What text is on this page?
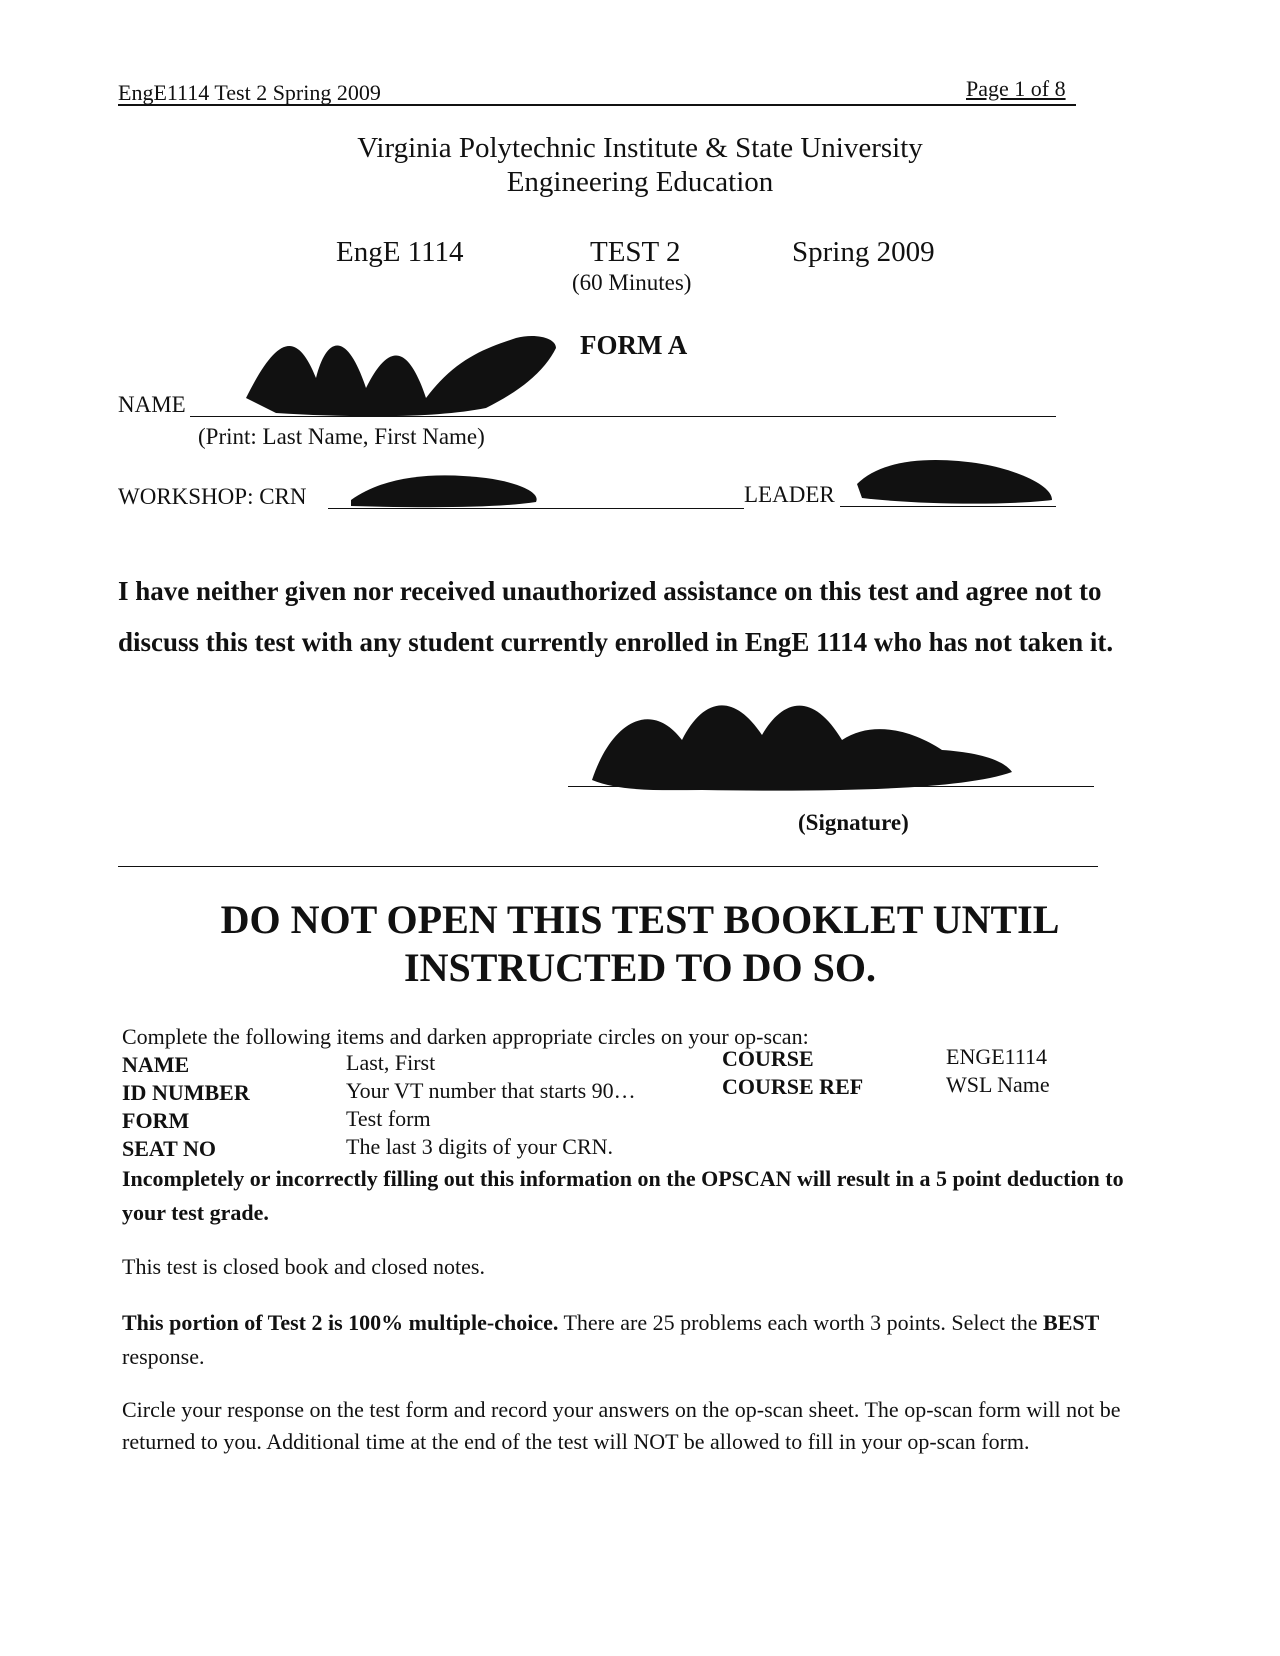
EngE1114 Test 2 Spring 2009	Page 1 of 8
Virginia Polytechnic Institute & State University
Engineering Education
EngE 1114	TEST 2
(60 Minutes)
Spring 2009
FORM A
NAME
(Print: Last Name, First Name)
WORKSHOP: CRN	LEADER
I have neither given nor received unauthorized assistance on this test and agree not to discuss this test with any student currently enrolled in EngE 1114 who has not taken it.
(Signature)
DO NOT OPEN THIS TEST BOOKLET UNTIL
INSTRUCTED TO DO SO.
Complete the following items and darken appropriate circles on your op-scan:
NAME	Last, First
ID NUMBER	Your VT number that starts 90…
FORM	Test form
SEAT NO	The last 3 digits of your CRN.
COURSE	ENGE1114
COURSE REF	WSL Name
Incompletely or incorrectly filling out this information on the OPSCAN will result in a 5 point deduction to your test grade.
This test is closed book and closed notes.
This portion of Test 2 is 100% multiple-choice. There are 25 problems each worth 3 points. Select the BEST response.
Circle your response on the test form and record your answers on the op-scan sheet. The op-scan form will not be returned to you. Additional time at the end of the test will NOT be allowed to fill in your op-scan form.
